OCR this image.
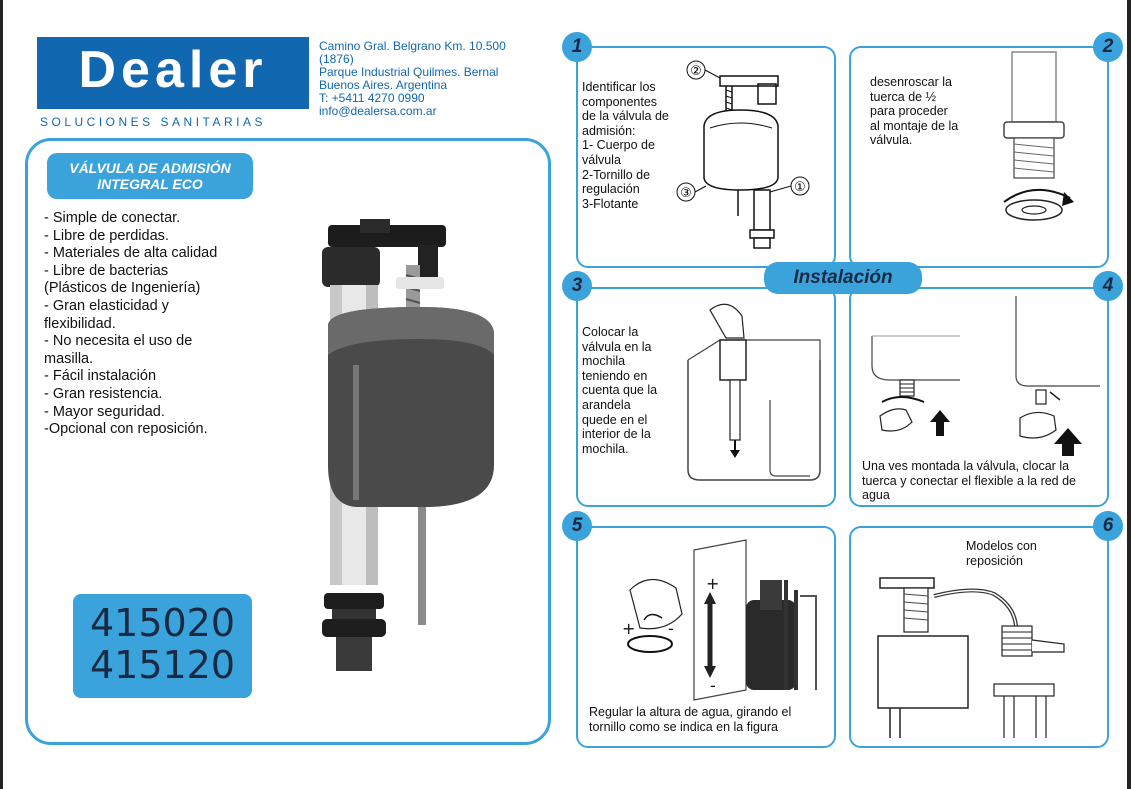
Dealer
SOLUCIONES SANITARIAS
Camino Gral. Belgrano Km. 10.500
(1876)
Parque Industrial Quilmes. Bernal
Buenos Aires. Argentina
T: +5411 4270 0990
info@dealersa.com.ar
VÁLVULA DE ADMISIÓN
INTEGRAL ECO
- Simple de conectar.
- Libre de perdidas.
- Materiales de alta calidad
- Libre de bacterias
(Plásticos de Ingeniería)
- Gran elasticidad y
flexibilidad.
- No necesita el uso de
masilla.
- Fácil instalación
- Gran resistencia.
- Mayor seguridad.
-Opcional con reposición.
415020
415120
1	2
3	4
5	6
Instalación
Identificar los
componentes
de la válvula de
admisión:
1- Cuerpo de
válvula
2-Tornillo de
regulación
3-Flotante
②
③	①
desenroscar la
tuerca de ½
para proceder
al montaje de la
válvula.
Colocar la
válvula en la
mochila
teniendo en
cuenta que la
arandela
quede en el
interior de la
mochila.
Una ves montada la válvula, clocar la
tuerca y conectar el flexible a la red de
agua
+
+
-
-
Regular la altura de agua, girando el
tornillo como se indica en la figura
Modelos con
reposición
